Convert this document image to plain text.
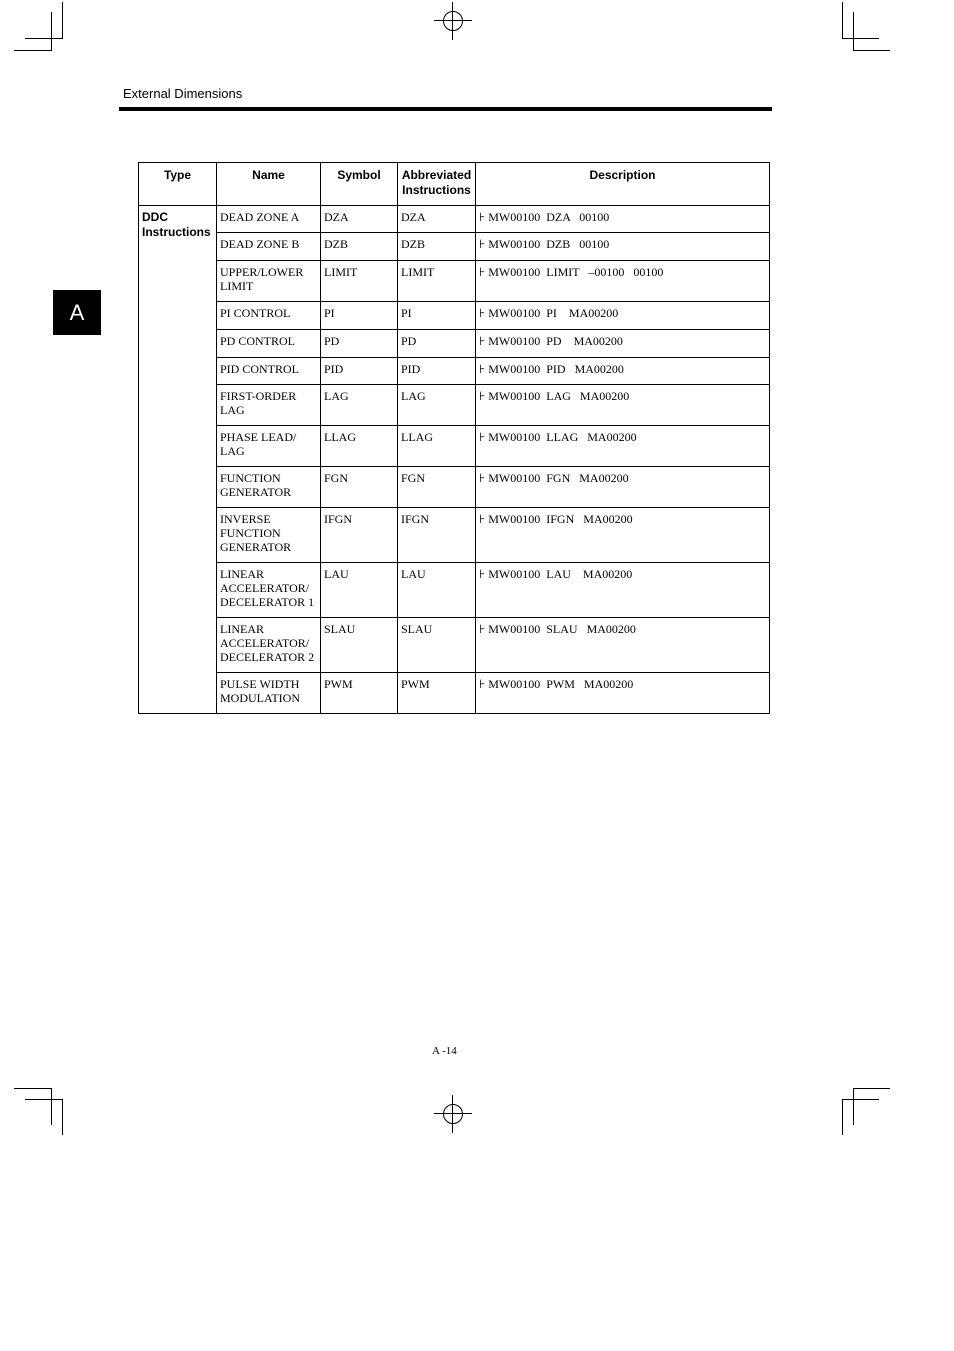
External Dimensions
A
Type	Name	Symbol	Abbreviated Instructions	Description
DDC Instructions	DEAD ZONE A	DZA	DZA	⊦ MW00100  DZA   00100
	DEAD ZONE B	DZB	DZB	⊦ MW00100  DZB   00100
	UPPER/LOWER LIMIT	LIMIT	LIMIT	⊦ MW00100  LIMIT   –00100   00100
	PI CONTROL	PI	PI	⊦ MW00100  PI    MA00200
	PD CONTROL	PD	PD	⊦ MW00100  PD    MA00200
	PID CONTROL	PID	PID	⊦ MW00100  PID   MA00200
	FIRST-ORDER LAG	LAG	LAG	⊦ MW00100  LAG   MA00200
	PHASE LEAD/ LAG	LLAG	LLAG	⊦ MW00100  LLAG   MA00200
	FUNCTION GENERATOR	FGN	FGN	⊦ MW00100  FGN   MA00200
	INVERSE FUNCTION GENERATOR	IFGN	IFGN	⊦ MW00100  IFGN   MA00200
	LINEAR ACCELERATOR/ DECELERATOR 1	LAU	LAU	⊦ MW00100  LAU    MA00200
	LINEAR ACCELERATOR/ DECELERATOR 2	SLAU	SLAU	⊦ MW00100  SLAU   MA00200
	PULSE WIDTH MODULATION	PWM	PWM	⊦ MW00100  PWM   MA00200
A -14
